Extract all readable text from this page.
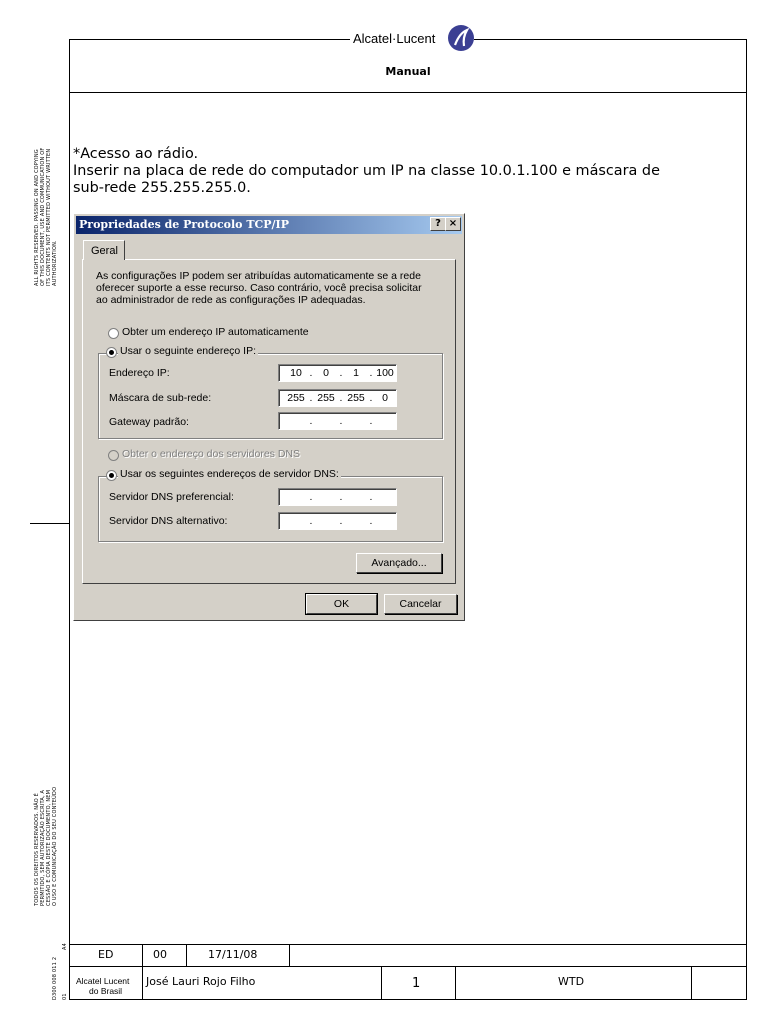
Alcatel·Lucent
Manual
ALL RIGHTS RESERVED. PASSING ON AND COPYING
OF THIS DOCUMENT, USE AND COMMUNICATION OF
ITS CONTENTS NOT PERMITTED WITHOUT WRITTEN
AUTHORIZATION.
TODOS OS DIREITOS RESERVADOS. NÃO É
PERMITIDO, SEM AUTORIZAÇÃO ESCRITA, A
CESSÃO E CÓPIA DESTE DOCUMENTO, NEM
O USO E COMUNICAÇÃO DO SEU CONTEÚDO
D300 008 011 2
A4
01
*Acesso ao rádio.
Inserir na placa de rede do computador um IP na classe 10.0.1.100 e máscara de
sub-rede 255.255.255.0.
Propriedades de Protocolo TCP/IP	? ×
Geral
As configurações IP podem ser atribuídas automaticamente se a rede oferecer suporte a esse recurso. Caso contrário, você precisa solicitar ao administrador de rede as configurações IP adequadas.
Obter um endereço IP automaticamente
Usar o seguinte endereço IP:
Endereço IP:	10 .	0	.	1	. 100
Máscara de sub-rede:	255 . 255 . 255 . 0
Gateway padrão:	.	.	.
Obter o endereço dos servidores DNS
Usar os seguintes endereços de servidor DNS:
Servidor DNS preferencial:	.	.	.
Servidor DNS alternativo:	.	.	.
Avançado...
OK	Cancelar
ED	00	17/11/08
Alcatel Lucent
do Brasil
José Lauri Rojo Filho	1	WTD
